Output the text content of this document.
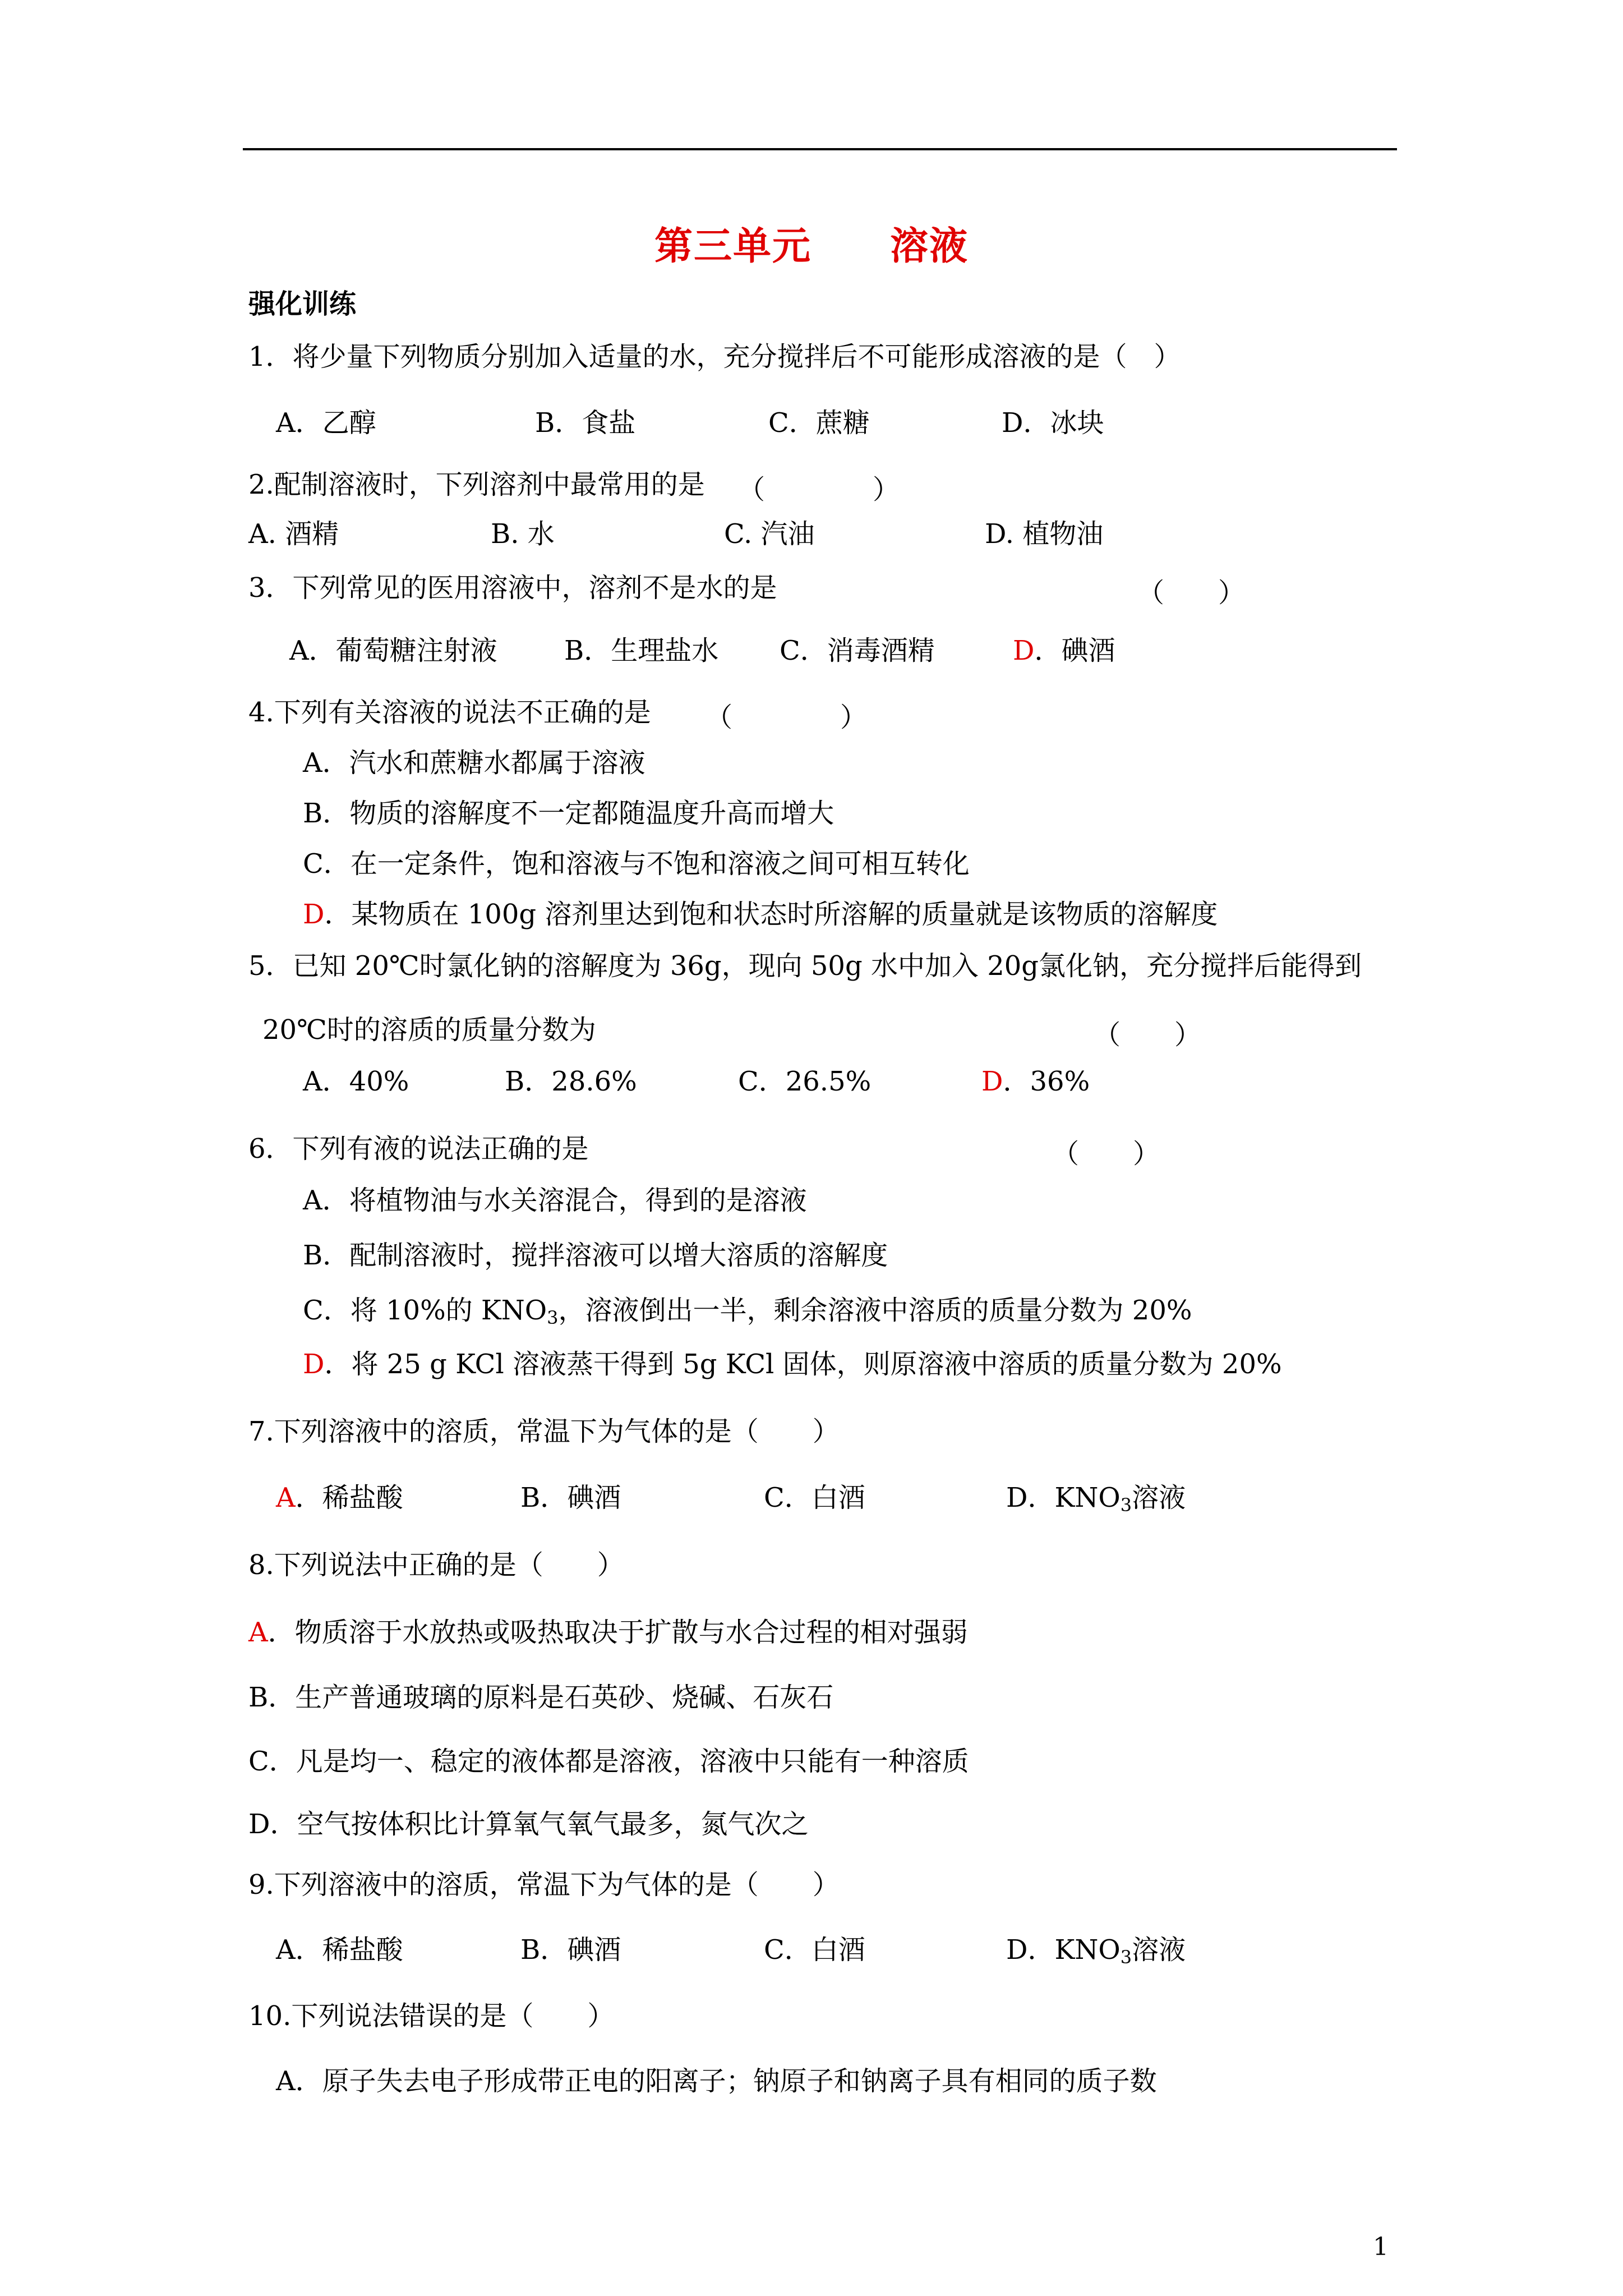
第三单元 溶液
强化训练
1．将少量下列物质分别加入适量的水，充分搅拌后不可能形成溶液的是（　）
A．乙醇	B．食盐	C．蔗糖	D．冰块
2.配制溶液时，下列溶剂中最常用的是 （　　　　）
A. 酒精	B. 水	C. 汽油	D. 植物油
3．下列常见的医用溶液中，溶剂不是水的是	（　　）
A．葡萄糖注射液 B．生理盐水 C．消毒酒精	D．碘酒
4.下列有关溶液的说法不正确的是 （　　　　）
A．汽水和蔗糖水都属于溶液
B．物质的溶解度不一定都随温度升高而增大
C．在一定条件，饱和溶液与不饱和溶液之间可相互转化
D．某物质在 100g 溶剂里达到饱和状态时所溶解的质量就是该物质的溶解度
5．已知 20℃时氯化钠的溶解度为 36g，现向 50g 水中加入 20g氯化钠，充分搅拌后能得到
20℃时的溶质的质量分数为	（　　）
A．40%	B．28.6%	C．26.5%	D．36%
6．下列有液的说法正确的是	（　　）
A．将植物油与水关溶混合，得到的是溶液
B．配制溶液时，搅拌溶液可以增大溶质的溶解度
C．将 10%的 $KNO_3$，溶液倒出一半，剩余溶液中溶质的质量分数为 20%
D．将 25 g KCl 溶液蒸干得到 5g KCl 固体，则原溶液中溶质的质量分数为 20%
7.下列溶液中的溶质，常温下为气体的是（　　）
A．稀盐酸	B．碘酒	C．白酒	D．$KNO_3$溶液
8.下列说法中正确的是（　　）
A．物质溶于水放热或吸热取决于扩散与水合过程的相对强弱
B．生产普通玻璃的原料是石英砂、烧碱、石灰石
C．凡是均一、稳定的液体都是溶液，溶液中只能有一种溶质
D．空气按体积比计算氧气氧气最多，氮气次之
9.下列溶液中的溶质，常温下为气体的是（　　）
A．稀盐酸	B．碘酒	C．白酒	D．$KNO_3$溶液
10.下列说法错误的是（　　）
A．原子失去电子形成带正电的阳离子；钠原子和钠离子具有相同的质子数
1
